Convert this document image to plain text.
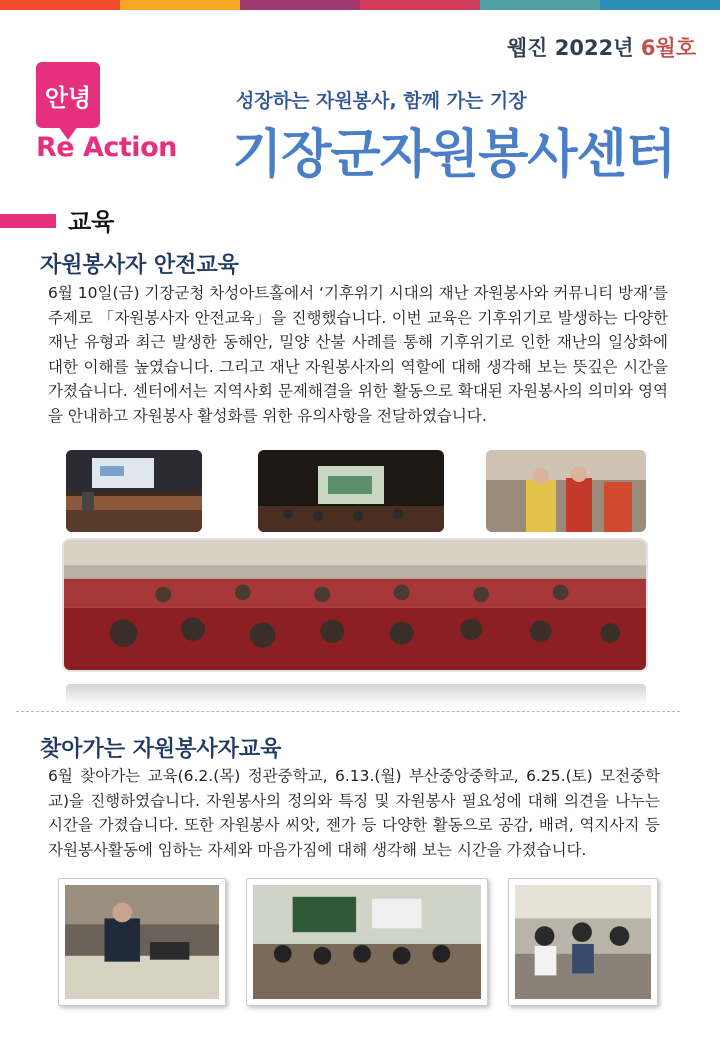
웹진 2022년 6월호
안녕
Re Action
성장하는 자원봉사, 함께 가는 기장
기장군자원봉사센터
교육
자원봉사자 안전교육
6월 10일(금) 기장군청 차성아트홀에서 ‘기후위기 시대의 재난 자원봉사와 커뮤니티 방재’를 주제로 「자원봉사자 안전교육」을 진행했습니다. 이번 교육은 기후위기로 발생하는 다양한 재난 유형과 최근 발생한 동해안, 밀양 산불 사례를 통해 기후위기로 인한 재난의 일상화에 대한 이해를 높였습니다. 그리고 재난 자원봉사자의 역할에 대해 생각해 보는 뜻깊은 시간을 가졌습니다. 센터에서는 지역사회 문제해결을 위한 활동으로 확대된 자원봉사의 의미와 영역을 안내하고 자원봉사 활성화를 위한 유의사항을 전달하였습니다.
찾아가는 자원봉사자교육
6월 찾아가는 교육(6.2.(목) 정관중학교, 6.13.(월) 부산중앙중학교, 6.25.(토) 모전중학교)을 진행하였습니다. 자원봉사의 정의와 특징 및 자원봉사 필요성에 대해 의견을 나누는 시간을 가졌습니다. 또한 자원봉사 씨앗, 젠가 등 다양한 활동으로 공감, 배려, 역지사지 등 자원봉사활동에 임하는 자세와 마음가짐에 대해 생각해 보는 시간을 가졌습니다.
